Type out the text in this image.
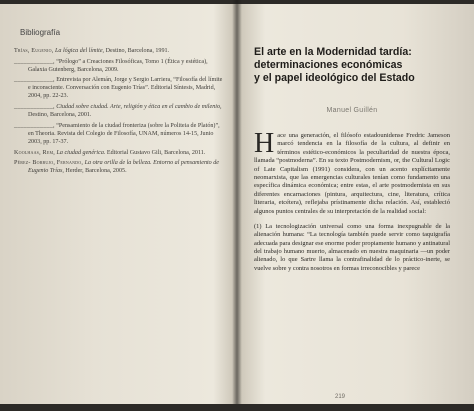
Bibliografía

Trías, Eugenio, La lógica del límite, Destino, Barcelona, 1991.

____________, “Prólogo” a Creaciones Filosóficas, Tomo 1 (Ética y estética), Galaxia Gutenberg, Barcelona, 2009.

____________, Entrevista por Alemán, Jorge y Sergio Larriera, “Filosofía del límite e inconsciente. Conversación con Eugenio Trías”. Editorial Síntesis, Madrid, 2004, pp. 22-23.

____________, Ciudad sobre ciudad. Arte, religión y ética en el cambio de milenio, Destino, Barcelona, 2001.

____________, “Pensamiento de la ciudad fronteriza (sobre la Politeia de Platón)”, en Theoria. Revista del Colegio de Filosofía, UNAM, números 14-15, Junio 2003, pp. 17-37.

Koolhaas, Rem, La ciudad genérica. Editorial Gustavo Gili, Barcelona, 2011.

Pérez- Borbujo, Fernando, La otra orilla de la belleza. Entorno al pensamiento de Eugenio Trías, Herder, Barcelona, 2005.

El arte en la Modernidad tardía:

determinaciones económicas

y el papel ideológico del Estado

Manuel Guillén

Hace una generación, el filósofo estadounidense Fredric Jameson marcó tendencia en la filosofía de la cultura, al definir en términos estético-económicos la peculiaridad de nuestra época, llamada “postmoderna”. En su texto Postmodernism, or, the Cultural Logic of Late Capitalism (1991) considera, con un acento explícitamente neomarxista, que las emergencias culturales tenían como fundamento una específica dinámica económica; entre estas, el arte postmodernista en sus diferentes encarnaciones (pintura, arquitectura, cine, literatura, crítica literaria, etcétera), reflejaba prístinamente dicha relación. Así, estableció algunos puntos centrales de su interpretación de la realidad social:

(1) La tecnologización universal como una forma inexpugnable de la alienación humana: “La tecnología también puede servir como taquigrafía adecuada para designar ese enorme poder propiamente humano y antinatural del trabajo humano muerto, almacenado en nuestra maquinaria —un poder alienado, lo que Sartre llama la contrafinalidad de lo práctico-inerte, se vuelve sobre y contra nosotros en formas irreconocibles y parece

219
